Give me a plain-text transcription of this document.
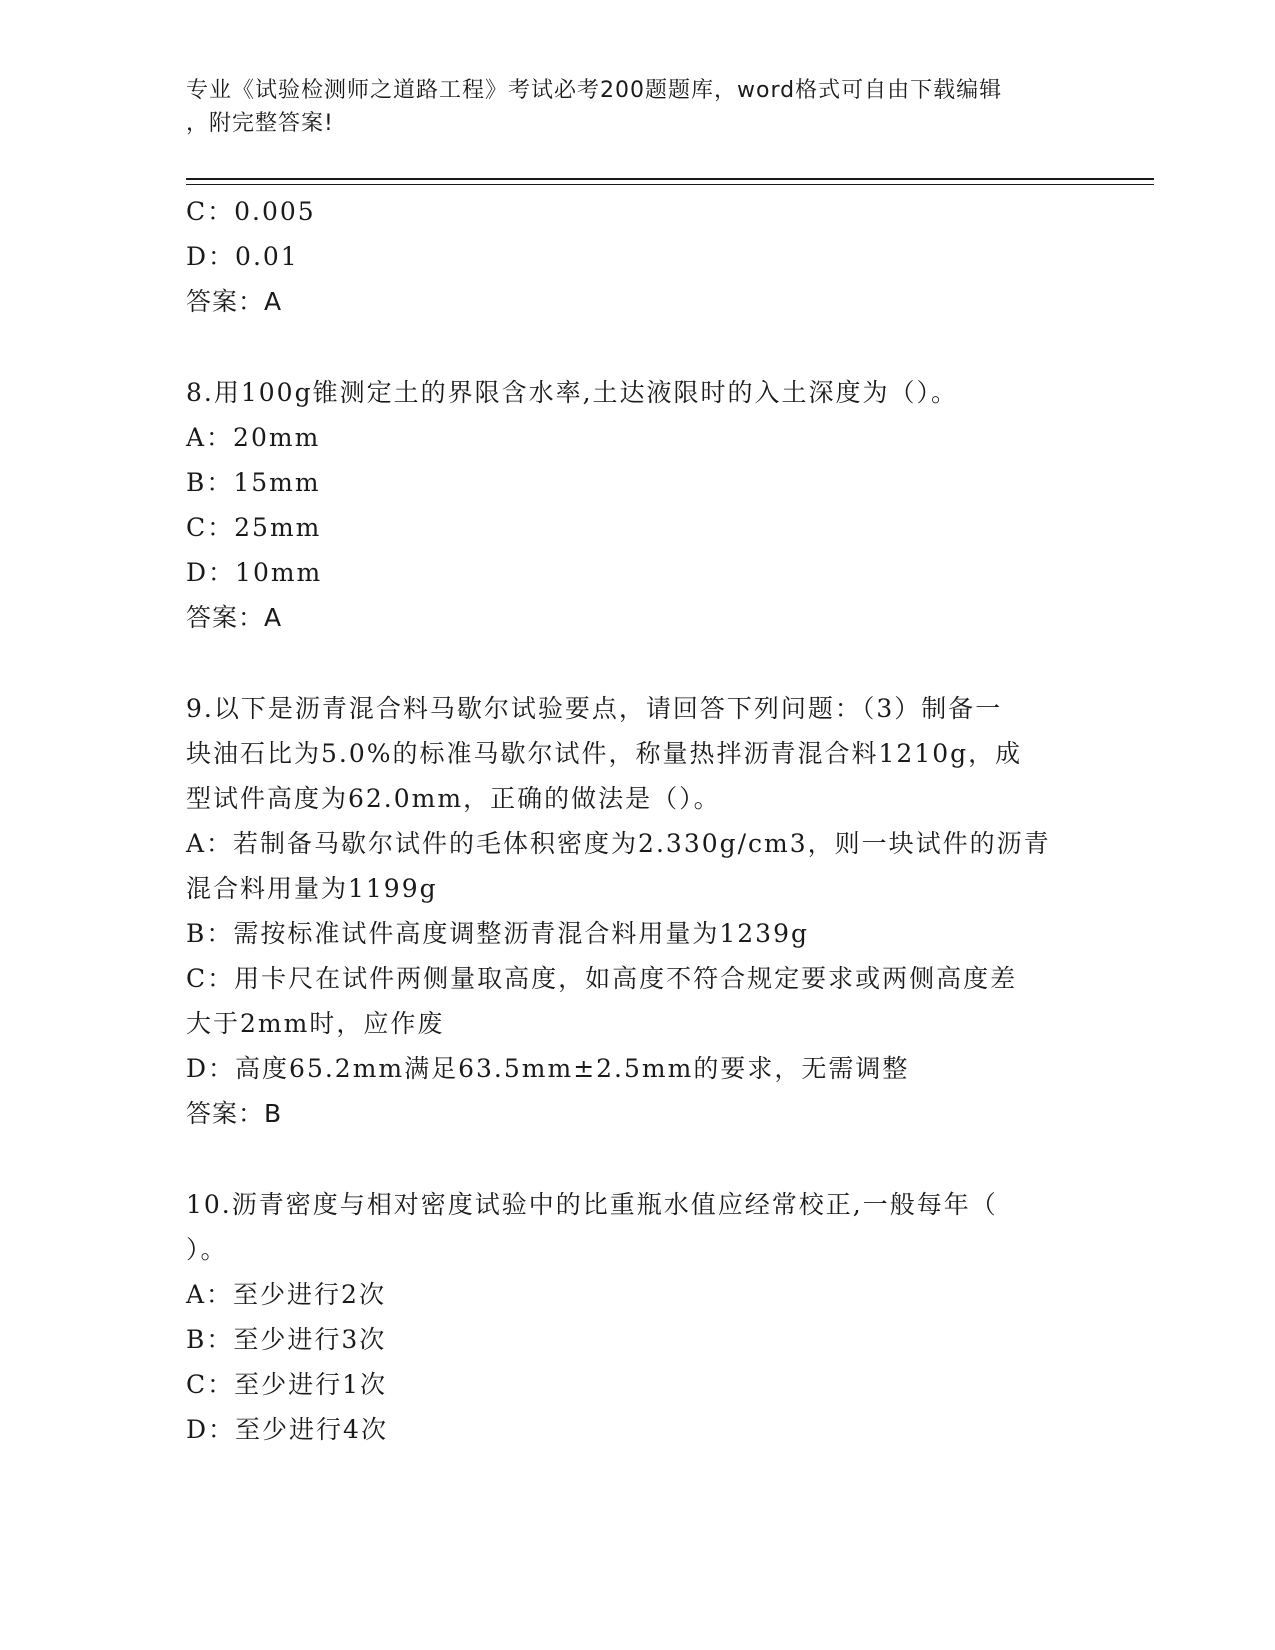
专业《试验检测师之道路工程》考试必考200题题库，word格式可自由下载编辑
，附完整答案!
C：0.005
D：0.01
答案：A
8.用100g锥测定土的界限含水率,土达液限时的入土深度为（）。
A：20mm
B：15mm
C：25mm
D：10mm
答案：A
9.以下是沥青混合料马歇尔试验要点，请回答下列问题：（3）制备一
块油石比为5.0%的标准马歇尔试件，称量热拌沥青混合料1210g，成
型试件高度为62.0mm，正确的做法是（）。
A：若制备马歇尔试件的毛体积密度为2.330g/cm3，则一块试件的沥青
混合料用量为1199g
B：需按标准试件高度调整沥青混合料用量为1239g
C：用卡尺在试件两侧量取高度，如高度不符合规定要求或两侧高度差
大于2mm时，应作废
D：高度65.2mm满足63.5mm±2.5mm的要求，无需调整
答案：B
10.沥青密度与相对密度试验中的比重瓶水值应经常校正,一般每年（
）。
A：至少进行2次
B：至少进行3次
C：至少进行1次
D：至少进行4次
